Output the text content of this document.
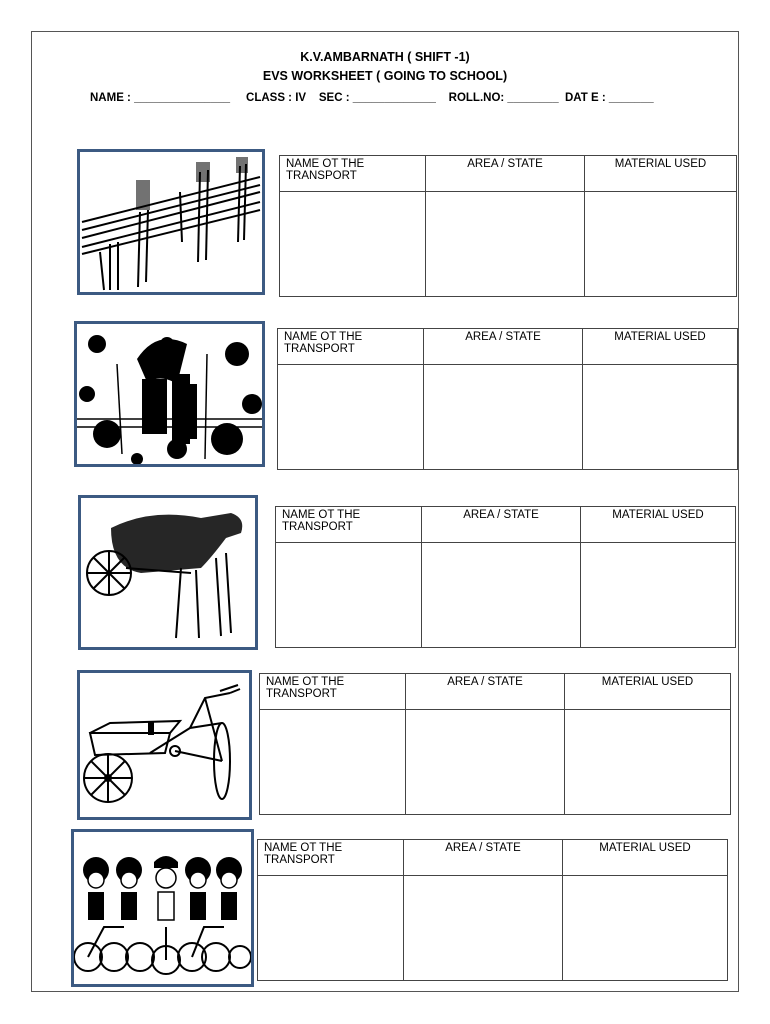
K.V.AMBARNATH ( SHIFT -1)
EVS WORKSHEET ( GOING TO SCHOOL)
NAME : _______________ CLASS : IV SEC : _____________ ROLL.NO: ________ DAT E : _______
NAME OT THE TRANSPORT	AREA / STATE	MATERIAL USED

NAME OT THE TRANSPORT	AREA / STATE	MATERIAL USED

NAME OT THE TRANSPORT	AREA / STATE	MATERIAL USED

NAME OT THE TRANSPORT	AREA / STATE	MATERIAL USED

NAME OT THE TRANSPORT	AREA / STATE	MATERIAL USED
